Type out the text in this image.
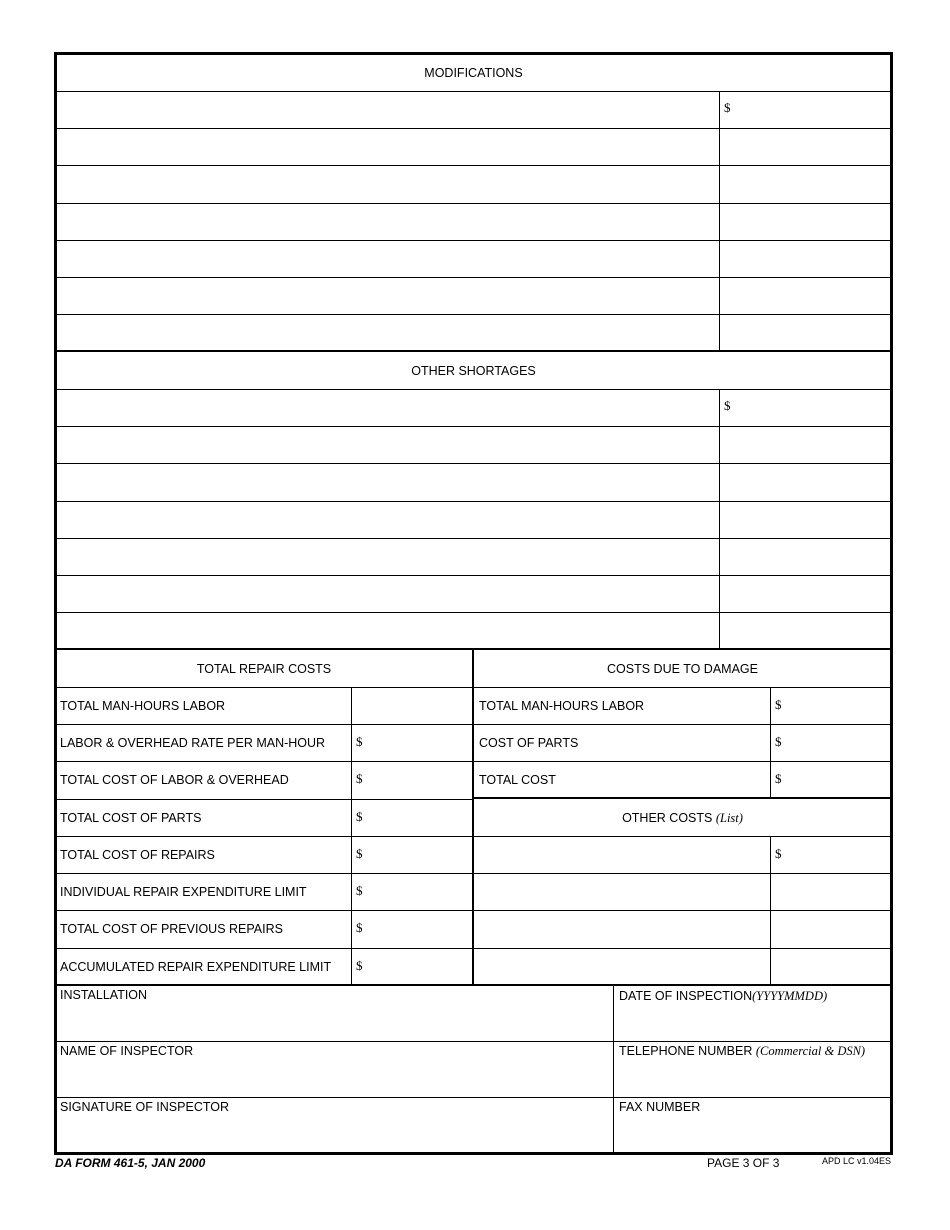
MODIFICATIONS
$
OTHER SHORTAGES
$
TOTAL REPAIR COSTS	COSTS DUE TO DAMAGE
TOTAL MAN-HOURS LABOR
LABOR & OVERHEAD RATE PER MAN-HOUR $
TOTAL COST OF LABOR & OVERHEAD	$
TOTAL COST OF PARTS	$
TOTAL COST OF REPAIRS	$
INDIVIDUAL REPAIR EXPENDITURE LIMIT	$
TOTAL COST OF PREVIOUS REPAIRS	$
ACCUMULATED REPAIR EXPENDITURE LIMIT $
TOTAL MAN-HOURS LABOR	$
COST OF PARTS	$
TOTAL COST	$
OTHER COSTS (List)
$
INSTALLATION	DATE OF INSPECTION(YYYYMMDD)
NAME OF INSPECTOR	TELEPHONE NUMBER (Commercial & DSN)
SIGNATURE OF INSPECTOR	FAX NUMBER
DA FORM 461-5, JAN 2000	PAGE 3 OF 3	APD LC v1.04ES
